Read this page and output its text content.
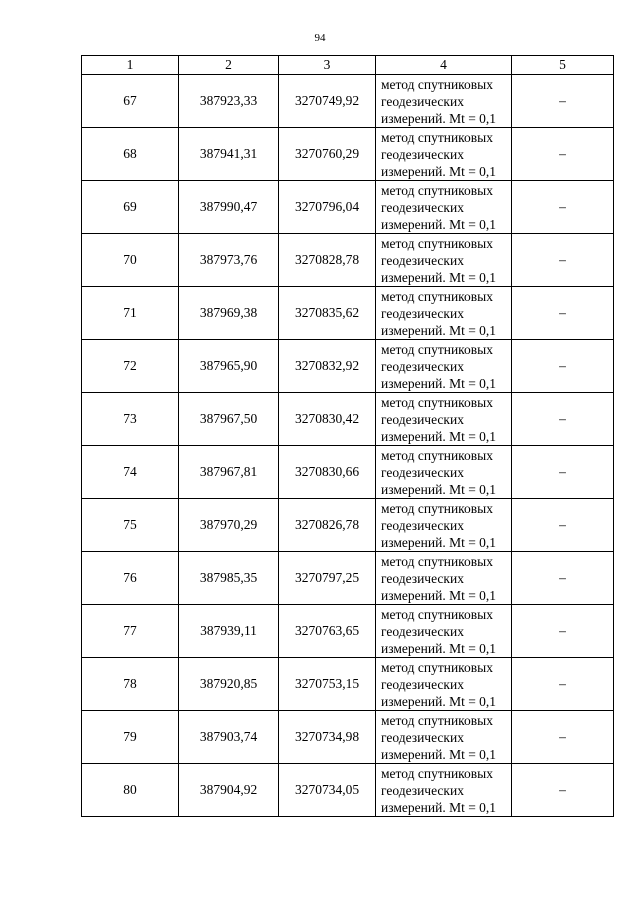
94
1	2	3	4	5
67	387923,33	3270749,92	метод спутниковых
геодезических
измерений. Mt = 0,1	–
68	387941,31	3270760,29	метод спутниковых
геодезических
измерений. Mt = 0,1	–
69	387990,47	3270796,04	метод спутниковых
геодезических
измерений. Mt = 0,1	–
70	387973,76	3270828,78	метод спутниковых
геодезических
измерений. Mt = 0,1	–
71	387969,38	3270835,62	метод спутниковых
геодезических
измерений. Mt = 0,1	–
72	387965,90	3270832,92	метод спутниковых
геодезических
измерений. Mt = 0,1	–
73	387967,50	3270830,42	метод спутниковых
геодезических
измерений. Mt = 0,1	–
74	387967,81	3270830,66	метод спутниковых
геодезических
измерений. Mt = 0,1	–
75	387970,29	3270826,78	метод спутниковых
геодезических
измерений. Mt = 0,1	–
76	387985,35	3270797,25	метод спутниковых
геодезических
измерений. Mt = 0,1	–
77	387939,11	3270763,65	метод спутниковых
геодезических
измерений. Mt = 0,1	–
78	387920,85	3270753,15	метод спутниковых
геодезических
измерений. Mt = 0,1	–
79	387903,74	3270734,98	метод спутниковых
геодезических
измерений. Mt = 0,1	–
80	387904,92	3270734,05	метод спутниковых
геодезических
измерений. Mt = 0,1	–
